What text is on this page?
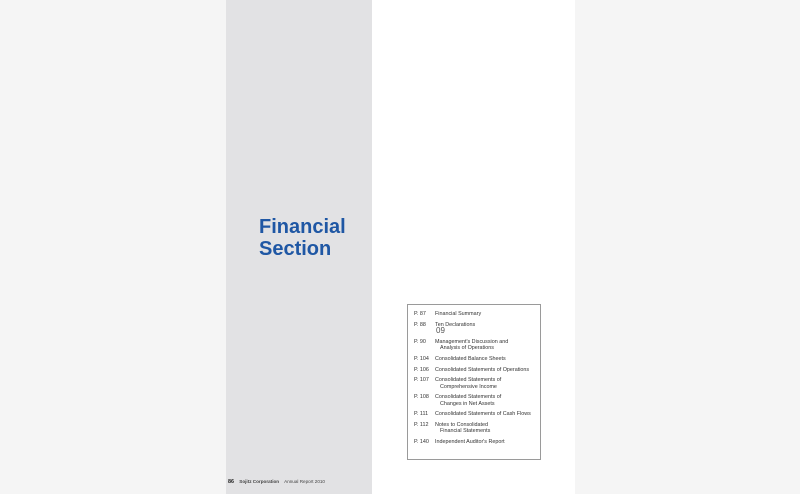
Financial
Section
86 Sojitz Corporation Annual Report 2010
P. 87	Financial Summary
P. 88	Ten Declarations
09
P. 90	Management's Discussion and
Analysis of Operations
P. 104	Consolidated Balance Sheets
P. 106	Consolidated Statements of Operations
P. 107	Consolidated Statements of
Comprehensive Income
P. 108	Consolidated Statements of
Changes in Net Assets
P. 111	Consolidated Statements of Cash Flows
P. 112	Notes to Consolidated
Financial Statements
P. 140	Independent Auditor's Report
